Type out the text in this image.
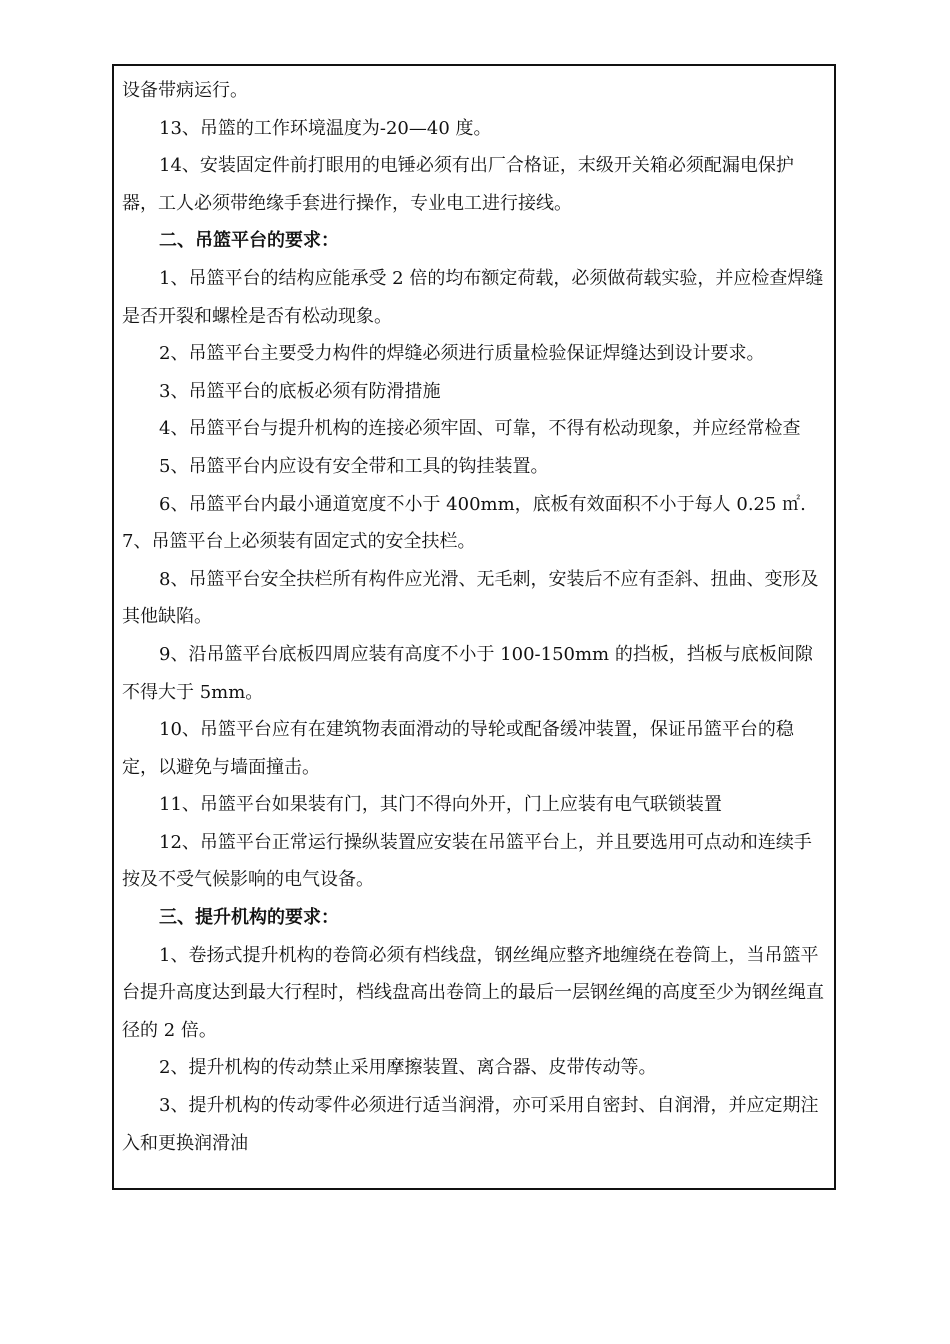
设备带病运行。

13、吊篮的工作环境温度为-20—40 度。

14、安装固定件前打眼用的电锤必须有出厂合格证，末级开关箱必须配漏电保护器，工人必须带绝缘手套进行操作，专业电工进行接线。

二、吊篮平台的要求：

1、吊篮平台的结构应能承受 2 倍的均布额定荷载，必须做荷载实验，并应检查焊缝是否开裂和螺栓是否有松动现象。

2、吊篮平台主要受力构件的焊缝必须进行质量检验保证焊缝达到设计要求。

3、吊篮平台的底板必须有防滑措施

4、吊篮平台与提升机构的连接必须牢固、可靠，不得有松动现象，并应经常检查

5、吊篮平台内应设有安全带和工具的钩挂装置。

6、吊篮平台内最小通道宽度不小于 400mm，底板有效面积不小于每人 0.25 ㎡. 7、吊篮平台上必须装有固定式的安全扶栏。

8、吊篮平台安全扶栏所有构件应光滑、无毛刺，安装后不应有歪斜、扭曲、变形及其他缺陷。

9、沿吊篮平台底板四周应装有高度不小于 100-150mm 的挡板，挡板与底板间隙不得大于 5mm。

10、吊篮平台应有在建筑物表面滑动的导轮或配备缓冲装置，保证吊篮平台的稳定，以避免与墙面撞击。

11、吊篮平台如果装有门，其门不得向外开，门上应装有电气联锁装置

12、吊篮平台正常运行操纵装置应安装在吊篮平台上，并且要选用可点动和连续手按及不受气候影响的电气设备。

三、提升机构的要求：

1、卷扬式提升机构的卷筒必须有档线盘，钢丝绳应整齐地缠绕在卷筒上，当吊篮平台提升高度达到最大行程时，档线盘高出卷筒上的最后一层钢丝绳的高度至少为钢丝绳直径的 2 倍。

2、提升机构的传动禁止采用摩擦装置、离合器、皮带传动等。

3、提升机构的传动零件必须进行适当润滑，亦可采用自密封、自润滑，并应定期注入和更换润滑油
